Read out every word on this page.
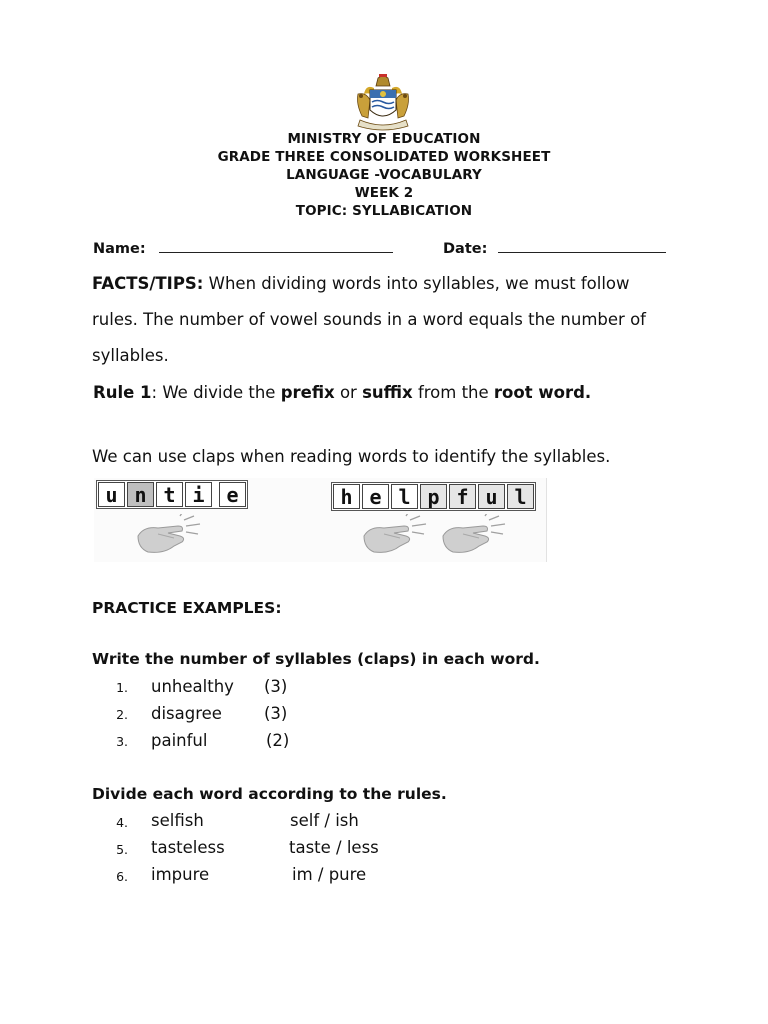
MINISTRY OF EDUCATION
GRADE THREE CONSOLIDATED WORKSHEET
LANGUAGE -VOCABULARY
WEEK 2
TOPIC: SYLLABICATION
Name:	Date:
FACTS/TIPS: When dividing words into syllables, we must follow
rules. The number of vowel sounds in a word equals the number of
syllables.
Rule 1: We divide the prefix or suffix from the root word.
We can use claps when reading words to identify the syllables.
u n t i	e	h e l p f u l
PRACTICE EXAMPLES:
Write the number of syllables (claps) in each word.
1. unhealthy (3)
2. disagree	(3)
3. painful	(2)
Divide each word according to the rules.
4. selfish	self / ish
5. tasteless	taste / less
6. impure	im / pure
